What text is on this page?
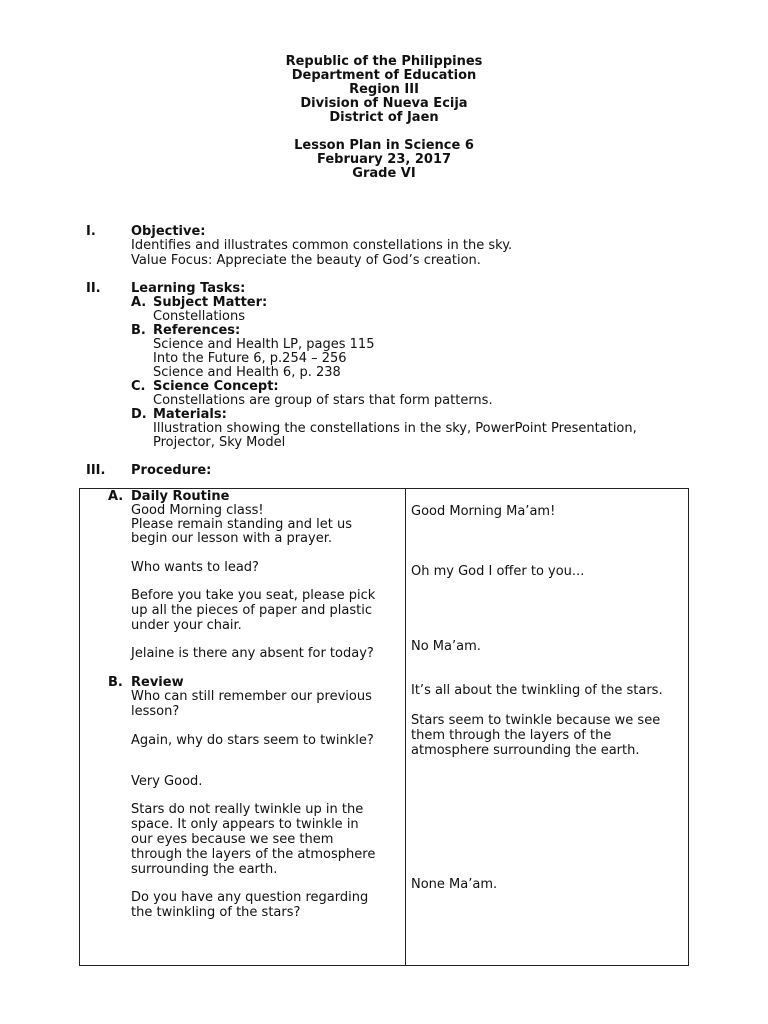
Republic of the Philippines
Department of Education
Region III
Division of Nueva Ecija
District of Jaen
Lesson Plan in Science 6
February 23, 2017
Grade VI
I.	Objective:
Identifies and illustrates common constellations in the sky.
Value Focus: Appreciate the beauty of God’s creation.
II. Learning Tasks:
A. Subject Matter:
Constellations
B. References:
Science and Health LP, pages 115
Into the Future 6, p.254 – 256
Science and Health 6, p. 238
C. Science Concept:
Constellations are group of stars that form patterns.
D. Materials:
Illustration showing the constellations in the sky, PowerPoint Presentation,
Projector, Sky Model
III. Procedure:
A. Daily Routine
Good Morning class!
Please remain standing and let us
begin our lesson with a prayer.
Who wants to lead?
Before you take you seat, please pick
up all the pieces of paper and plastic
under your chair.
Jelaine is there any absent for today?
Good Morning Ma’am!
Oh my God I offer to you...
No Ma’am.
B. Review
Who can still remember our previous
lesson?
Again, why do stars seem to twinkle?
Very Good.
Stars do not really twinkle up in the
space. It only appears to twinkle in
our eyes because we see them
through the layers of the atmosphere
surrounding the earth.
Do you have any question regarding
the twinkling of the stars?
It’s all about the twinkling of the stars.
Stars seem to twinkle because we see
them through the layers of the
atmosphere surrounding the earth.
None Ma’am.
